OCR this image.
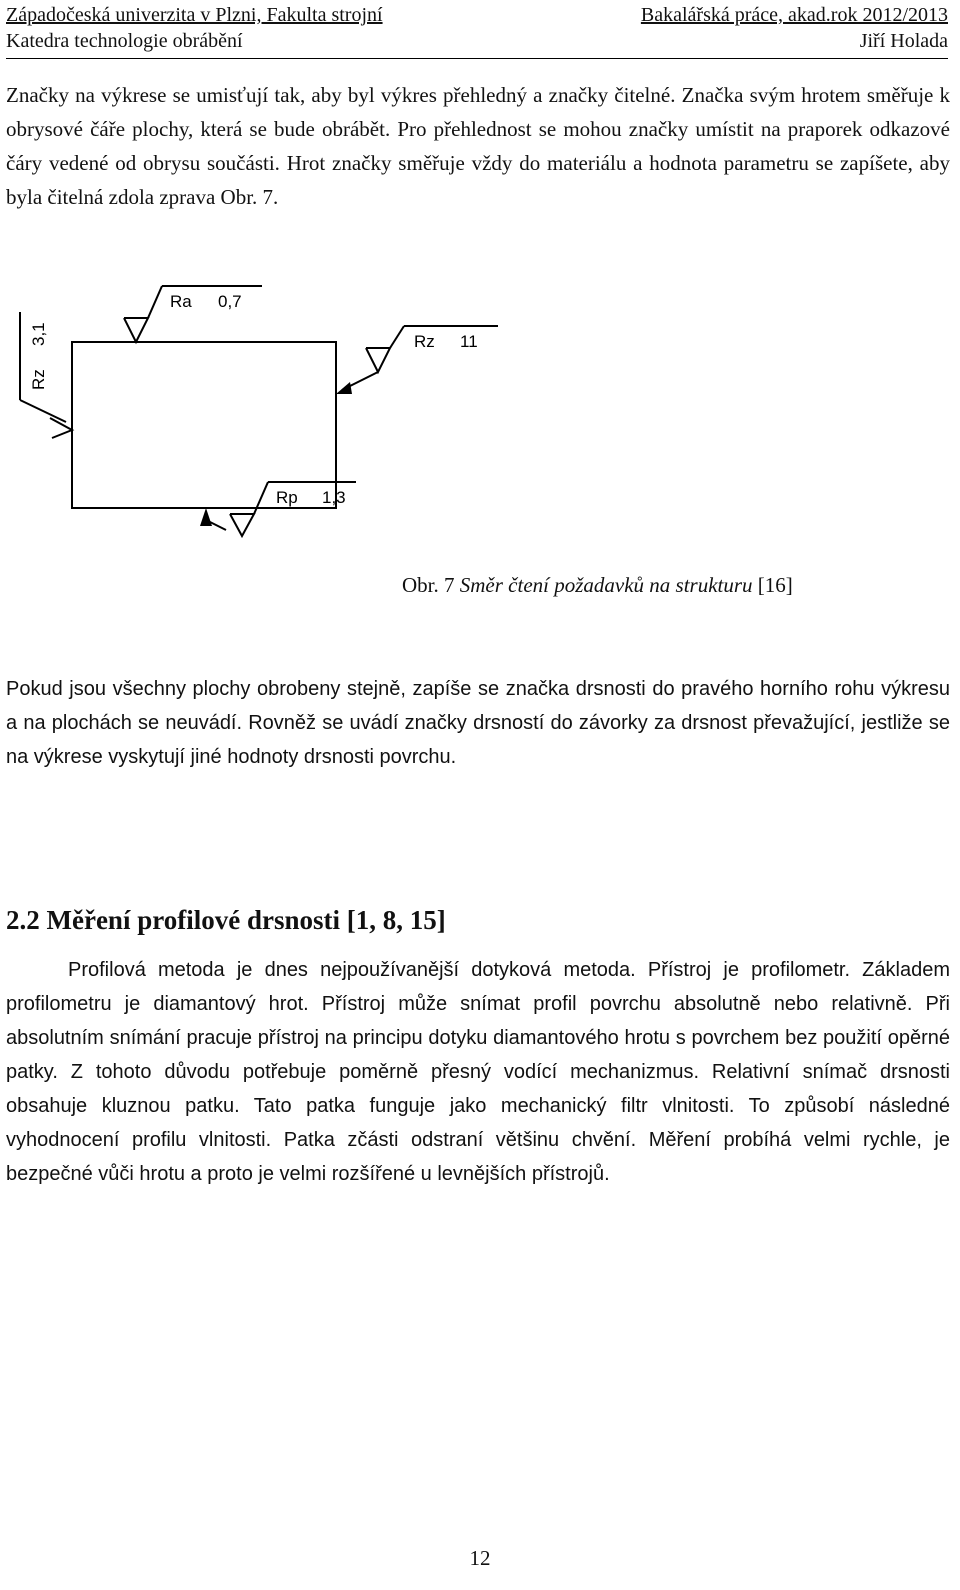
Západočeská univerzita v Plzni, Fakulta strojní	Bakalářská práce, akad.rok 2012/2013
Katedra technologie obrábění	Jiří Holada

Značky na výkrese se umisťují tak, aby byl výkres přehledný a značky čitelné. Značka svým hrotem směřuje k obrysové čáře plochy, která se bude obrábět. Pro přehlednost se mohou značky umístit na praporek odkazové čáry vedené od obrysu součásti. Hrot značky směřuje vždy do materiálu a hodnota parametru se zapíšete, aby byla čitelná zdola zprava Obr. 7.

Ra 0,7
Rz 11
Rz
3,1
Rp 1,3
Obr. 7 Směr čtení požadavků na strukturu [16]

Pokud jsou všechny plochy obrobeny stejně, zapíše se značka drsnosti do pravého horního rohu výkresu a na plochách se neuvádí. Rovněž se uvádí značky drsností do závorky za drsnost převažující, jestliže se na výkrese vyskytují jiné hodnoty drsnosti povrchu.

2.2 Měření profilové drsnosti [1, 8, 15]

Profilová metoda je dnes nejpoužívanější dotyková metoda. Přístroj je profilometr. Základem profilometru je diamantový hrot. Přístroj může snímat profil povrchu absolutně nebo relativně. Při absolutním snímání pracuje přístroj na principu dotyku diamantového hrotu s povrchem bez použití opěrné patky. Z tohoto důvodu potřebuje poměrně přesný vodící mechanizmus. Relativní snímač drsnosti obsahuje kluznou patku. Tato patka funguje jako mechanický filtr vlnitosti. To způsobí následné vyhodnocení profilu vlnitosti. Patka zčásti odstraní většinu chvění. Měření probíhá velmi rychle, je bezpečné vůči hrotu a proto je velmi rozšířené u levnějších přístrojů.

12
